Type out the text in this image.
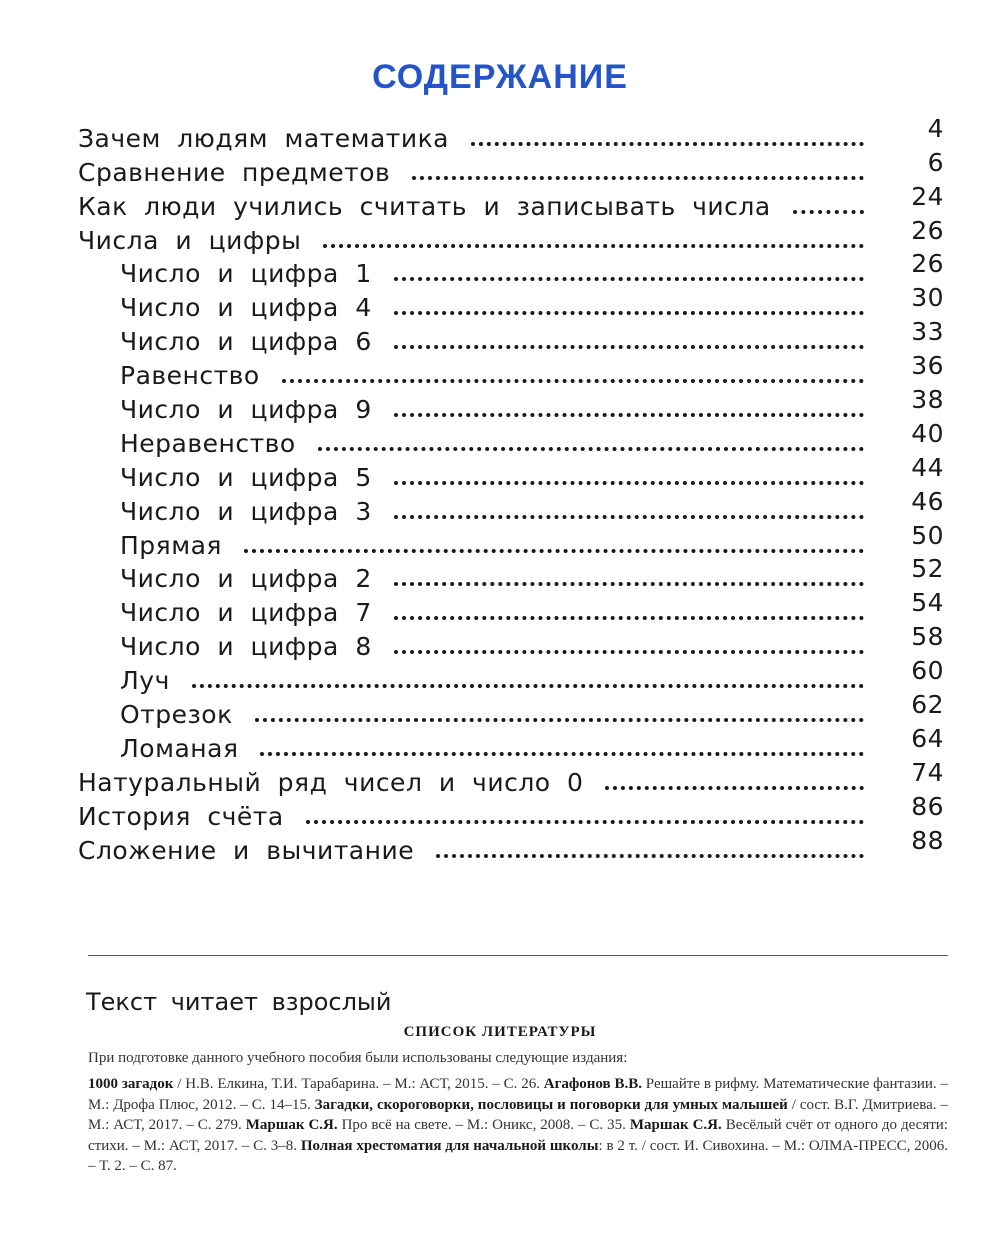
СОДЕРЖАНИЕ
Зачем людям математика	4
Сравнение предметов	6
Как люди учились считать и записывать числа	24
Числа и цифры	26
Число и цифра 1	26
Число и цифра 4	30
Число и цифра 6	33
Равенство	36
Число и цифра 9	38
Неравенство	40
Число и цифра 5	44
Число и цифра 3	46
Прямая	50
Число и цифра 2	52
Число и цифра 7	54
Число и цифра 8	58
Луч	60
Отрезок	62
Ломаная	64
Натуральный ряд чисел и число 0	74
История счёта	86
Сложение и вычитание	88
Текст читает взрослый
СПИСОК ЛИТЕРАТУРЫ
При подготовке данного учебного пособия были использованы следующие издания:
1000 загадок / Н.В. Елкина, Т.И. Тарабарина. – М.: АСТ, 2015. – С. 26. Агафонов В.В. Решайте в рифму. Математические фантазии. – М.: Дрофа Плюс, 2012. – С. 14–15. Загадки, скороговорки, пословицы и поговорки для умных малышей / сост. В.Г. Дмитриева. – М.: АСТ, 2017. – С. 279. Маршак С.Я. Про всё на свете. – М.: Оникс, 2008. – С. 35. Маршак С.Я. Весёлый счёт от одного до десяти: стихи. – М.: АСТ, 2017. – С. 3–8. Полная хрестоматия для начальной школы: в 2 т. / сост. И. Сивохина. – М.: ОЛМА-ПРЕСС, 2006. – Т. 2. – С. 87.
